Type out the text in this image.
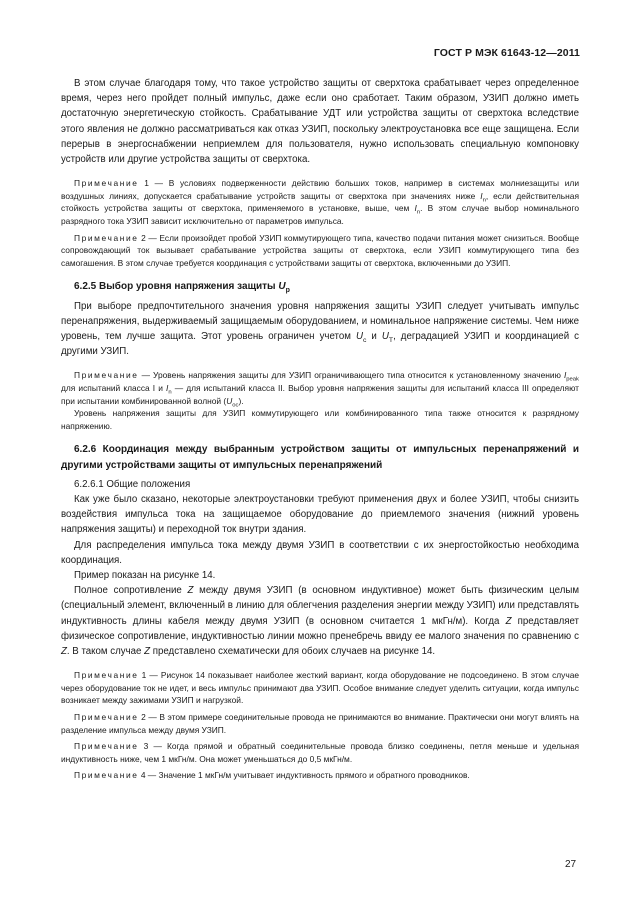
ГОСТ Р МЭК 61643-12—2011

В этом случае благодаря тому, что такое устройство защиты от сверхтока срабатывает через определенное время, через него пройдет полный импульс, даже если оно сработает. Таким образом, УЗИП должно иметь достаточную энергетическую стойкость. Срабатывание УДТ или устройства защиты от сверхтока вследствие этого явления не должно рассматриваться как отказ УЗИП, поскольку электроустановка все еще защищена. Если перерыв в энергоснабжении неприемлем для пользователя, нужно использовать специальную компоновку устройств или другие устройства защиты от сверхтока.

Примечание 1 — В условиях подверженности действию больших токов, например в системах молниезащиты или воздушных линиях, допускается срабатывание устройств защиты от сверхтока при значениях ниже $I_n$, если действительная стойкость устройства защиты от сверхтока, применяемого в установке, выше, чем $I_n$. В этом случае выбор номинального разрядного тока УЗИП зависит исключительно от параметров импульса.

Примечание 2 — Если произойдет пробой УЗИП коммутирующего типа, качество подачи питания может снизиться. Вообще сопровождающий ток вызывает срабатывание устройства защиты от сверхтока, если УЗИП коммутирующего типа без самогашения. В этом случае требуется координация с устройствами защиты от сверхтока, включенными до УЗИП.

6.2.5 Выбор уровня напряжения защиты $U_p$

При выборе предпочтительного значения уровня напряжения защиты УЗИП следует учитывать импульс перенапряжения, выдерживаемый защищаемым оборудованием, и номинальное напряжение системы. Чем ниже уровень, тем лучше защита. Этот уровень ограничен учетом $U_c$ и $U_T$, деградацией УЗИП и координацией с другими УЗИП.

Примечание — Уровень напряжения защиты для УЗИП ограничивающего типа относится к установленному значению $I_{peak}$ для испытаний класса I и $I_n$ — для испытаний класса II. Выбор уровня напряжения защиты для испытаний класса III определяют при испытании комбинированной волной $(U_{oc})$.

Уровень напряжения защиты для УЗИП коммутирующего или комбинированного типа также относится к разрядному напряжению.

6.2.6 Координация между выбранным устройством защиты от импульсных перенапряжений и другими устройствами защиты от импульсных перенапряжений

6.2.6.1 Общие положения

Как уже было сказано, некоторые электроустановки требуют применения двух и более УЗИП, чтобы снизить воздействия импульса тока на защищаемое оборудование до приемлемого значения (нижний уровень напряжения защиты) и переходной ток внутри здания.

Для распределения импульса тока между двумя УЗИП в соответствии с их энергостойкостью необходима координация.

Пример показан на рисунке 14.

Полное сопротивление Z между двумя УЗИП (в основном индуктивное) может быть физическим целым (специальный элемент, включенный в линию для облегчения разделения энергии между УЗИП) или представлять индуктивность длины кабеля между двумя УЗИП (в основном считается 1 мкГн/м). Когда Z представляет физическое сопротивление, индуктивностью линии можно пренебречь ввиду ее малого значения по сравнению с Z. В таком случае Z представлено схематически для обоих случаев на рисунке 14.

Примечание 1 — Рисунок 14 показывает наиболее жесткий вариант, когда оборудование не подсоединено. В этом случае через оборудование ток не идет, и весь импульс принимают два УЗИП. Особое внимание следует уделить ситуации, когда импульс возникает между зажимами УЗИП и нагрузкой.

Примечание 2 — В этом примере соединительные провода не принимаются во внимание. Практически они могут влиять на разделение импульса между двумя УЗИП.

Примечание 3 — Когда прямой и обратный соединительные провода близко соединены, петля меньше и удельная индуктивность ниже, чем 1 мкГн/м. Она может уменьшаться до 0,5 мкГн/м.

Примечание 4 — Значение 1 мкГн/м учитывает индуктивность прямого и обратного проводников.

27
